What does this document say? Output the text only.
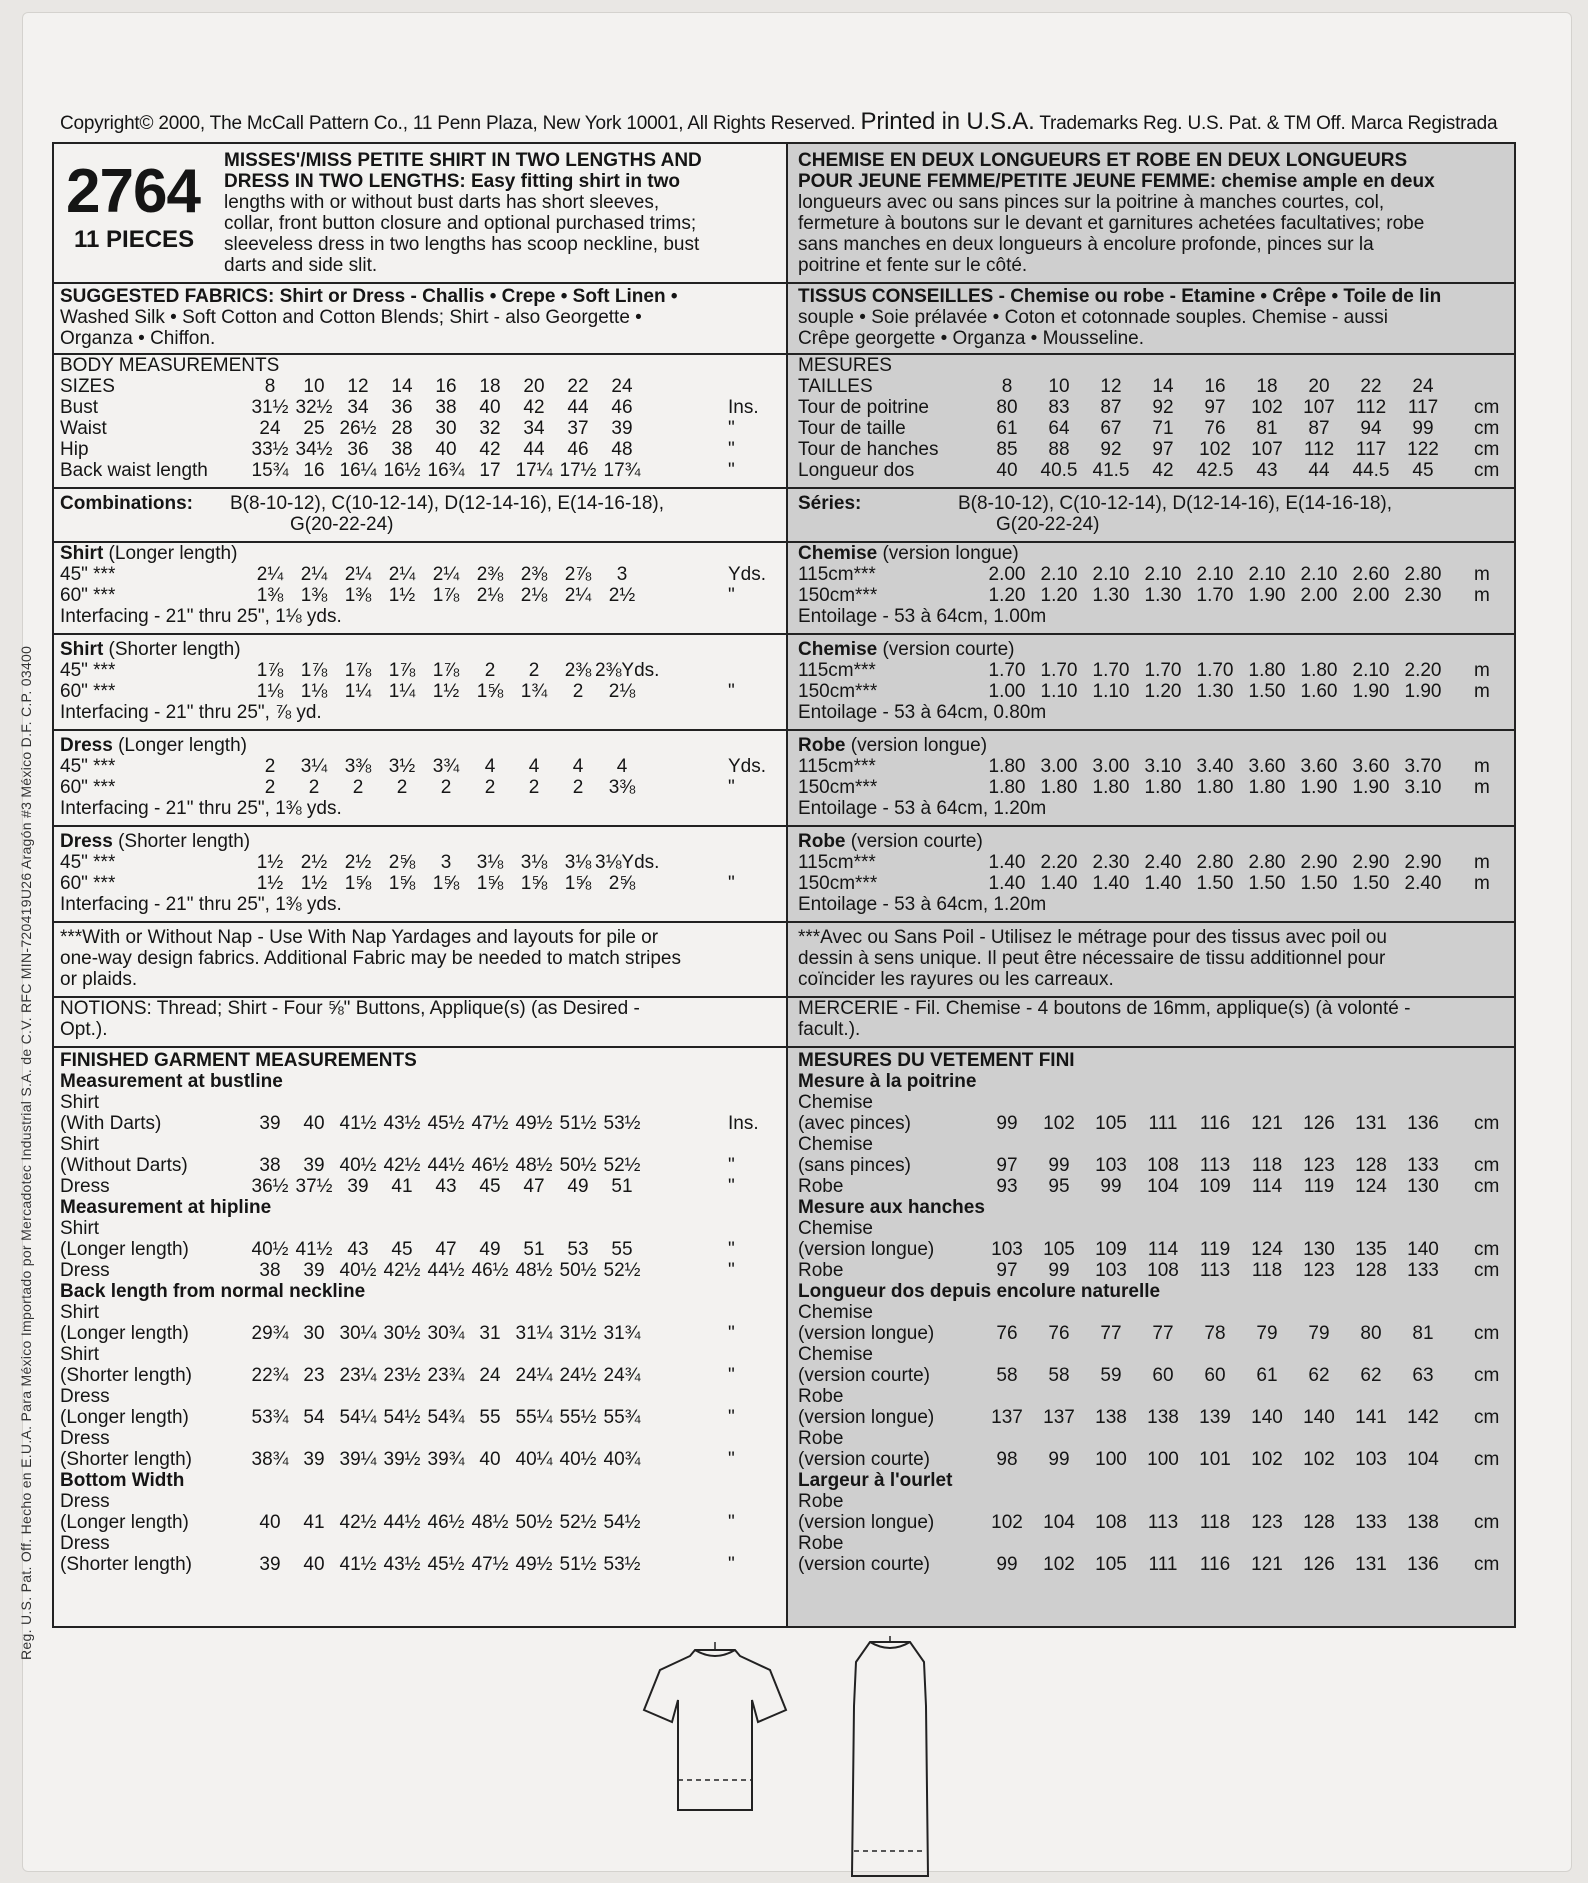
Copyright© 2000, The McCall Pattern Co., 11 Penn Plaza, New York 10001, All Rights Reserved. Printed in U.S.A. Trademarks Reg. U.S. Pat. & TM Off. Marca Registrada
Reg. U.S. Pat. Off. Hecho en E.U.A. Para México Importado por Mercadotec Industrial S.A. de C.V. RFC MIN-720419U26 Aragón #3 México D.F. C.P. 03400
2764
11 PIECES
MISSES'/MISS PETITE SHIRT IN TWO LENGTHS AND
DRESS IN TWO LENGTHS: Easy fitting shirt in two
lengths with or without bust darts has short sleeves,
collar, front button closure and optional purchased trims;
sleeveless dress in two lengths has scoop neckline, bust
darts and side slit.
SUGGESTED FABRICS: Shirt or Dress - Challis • Crepe • Soft Linen •
Washed Silk • Soft Cotton and Cotton Blends; Shirt - also Georgette •
Organza • Chiffon.
BODY MEASUREMENTS
SIZES	8	10	12	14	16	18	20	22	24
Bust	31½ 32½ 34	36	38	40	42	44	46	Ins.
Waist	24	25 26½ 28	30	32	34	37	39	"
Hip	33½ 34½ 36	38	40	42	44	46	48	"
Back waist length	15¾ 16 16¼ 16½ 16¾ 17 17¼ 17½ 17¾	"
Combinations: B(8-10-12), C(10-12-14), D(12-14-16), E(14-16-18),
G(20-22-24)
Shirt (Longer length)
45" ***	2¼ 2¼ 2¼ 2¼ 2¼ 2⅜ 2⅜ 2⅞	3	Yds.
60" ***	1⅜ 1⅜ 1⅜ 1½ 1⅞ 2⅛ 2⅛ 2¼ 2½	"
Interfacing - 21" thru 25", 1⅛ yds.
Shirt (Shorter length)
45" ***	1⅞ 1⅞ 1⅞ 1⅞ 1⅞	2	2	2⅜ 2⅜Yds.
60" ***	1⅛ 1⅛ 1¼ 1¼ 1½ 1⅝ 1¾	2	2⅛	"
Interfacing - 21" thru 25", ⅞ yd.
Dress (Longer length)
45" ***	2	3¼ 3⅜ 3½ 3¾	4	4	4	4	Yds.
60" ***	2	2	2	2	2	2	2	2	3⅜	"
Interfacing - 21" thru 25", 1⅜ yds.
Dress (Shorter length)
45" ***	1½ 2½ 2½ 2⅝	3	3⅛ 3⅛ 3⅛ 3⅛Yds.
60" ***	1½ 1½ 1⅝ 1⅝ 1⅝ 1⅝ 1⅝ 1⅝ 2⅝	"
Interfacing - 21" thru 25", 1⅜ yds.
***With or Without Nap - Use With Nap Yardages and layouts for pile or
one-way design fabrics. Additional Fabric may be needed to match stripes
or plaids.
NOTIONS: Thread; Shirt - Four ⅝" Buttons, Applique(s) (as Desired -
Opt.).
FINISHED GARMENT MEASUREMENTS
Measurement at bustline
Shirt
(With Darts)	39	40 41½ 43½ 45½ 47½ 49½ 51½ 53½	Ins.
Shirt
(Without Darts)	38	39 40½ 42½ 44½ 46½ 48½ 50½ 52½	"
Dress	36½ 37½ 39	41	43	45	47	49	51	"
Measurement at hipline
Shirt
(Longer length)	40½ 41½ 43	45	47	49	51	53	55	"
Dress	38	39 40½ 42½ 44½ 46½ 48½ 50½ 52½	"
Back length from normal neckline
Shirt
(Longer length)	29¾ 30 30¼ 30½ 30¾ 31 31¼ 31½ 31¾	"
Shirt
(Shorter length)	22¾ 23 23¼ 23½ 23¾ 24 24¼ 24½ 24¾	"
Dress
(Longer length)	53¾ 54 54¼ 54½ 54¾ 55 55¼ 55½ 55¾	"
Dress
(Shorter length)	38¾ 39 39¼ 39½ 39¾ 40 40¼ 40½ 40¾	"
Bottom Width
Dress
(Longer length)	40	41 42½ 44½ 46½ 48½ 50½ 52½ 54½	"
Dress
(Shorter length)	39	40 41½ 43½ 45½ 47½ 49½ 51½ 53½	"
CHEMISE EN DEUX LONGUEURS ET ROBE EN DEUX LONGUEURS
POUR JEUNE FEMME/PETITE JEUNE FEMME: chemise ample en deux
longueurs avec ou sans pinces sur la poitrine à manches courtes, col,
fermeture à boutons sur le devant et garnitures achetées facultatives; robe
sans manches en deux longueurs à encolure profonde, pinces sur la
poitrine et fente sur le côté.
TISSUS CONSEILLES - Chemise ou robe - Etamine • Crêpe • Toile de lin
souple • Soie prélavée • Coton et cotonnade souples. Chemise - aussi
Crêpe georgette • Organza • Mousseline.
MESURES
TAILLES	8	10	12	14	16	18	20	22	24
Tour de poitrine	80	83	87	92	97	102	107	112	117	cm
Tour de taille	61	64	67	71	76	81	87	94	99	cm
Tour de hanches	85	88	92	97	102	107	112	117	122	cm
Longueur dos	40	40.5 41.5	42	42.5	43	44	44.5	45	cm
Séries:	B(8-10-12), C(10-12-14), D(12-14-16), E(14-16-18),
G(20-22-24)
Chemise (version longue)
115cm***	2.00 2.10 2.10 2.10 2.10 2.10 2.10 2.60 2.80	m
150cm***	1.20 1.20 1.30 1.30 1.70 1.90 2.00 2.00 2.30	m
Entoilage - 53 à 64cm, 1.00m
Chemise (version courte)
115cm***	1.70 1.70 1.70 1.70 1.70 1.80 1.80 2.10 2.20	m
150cm***	1.00 1.10 1.10 1.20 1.30 1.50 1.60 1.90 1.90	m
Entoilage - 53 à 64cm, 0.80m
Robe (version longue)
115cm***	1.80 3.00 3.00 3.10 3.40 3.60 3.60 3.60 3.70	m
150cm***	1.80 1.80 1.80 1.80 1.80 1.80 1.90 1.90 3.10	m
Entoilage - 53 à 64cm, 1.20m
Robe (version courte)
115cm***	1.40 2.20 2.30 2.40 2.80 2.80 2.90 2.90 2.90	m
150cm***	1.40 1.40 1.40 1.40 1.50 1.50 1.50 1.50 2.40	m
Entoilage - 53 à 64cm, 1.20m
***Avec ou Sans Poil - Utilisez le métrage pour des tissus avec poil ou
dessin à sens unique. Il peut être nécessaire de tissu additionnel pour
coïncider les rayures ou les carreaux.
MERCERIE - Fil. Chemise - 4 boutons de 16mm, applique(s) (à volonté -
facult.).
MESURES DU VETEMENT FINI
Mesure à la poitrine
Chemise
(avec pinces)	99	102	105	111	116	121	126	131	136	cm
Chemise
(sans pinces)	97	99	103	108	113	118	123	128	133	cm
Robe	93	95	99	104	109	114	119	124	130	cm
Mesure aux hanches
Chemise
(version longue)	103	105	109	114	119	124	130	135	140	cm
Robe	97	99	103	108	113	118	123	128	133	cm
Longueur dos depuis encolure naturelle
Chemise
(version longue)	76	76	77	77	78	79	79	80	81	cm
Chemise
(version courte)	58	58	59	60	60	61	62	62	63	cm
Robe
(version longue)	137	137	138	138	139	140	140	141	142	cm
Robe
(version courte)	98	99	100	100	101	102	102	103	104	cm
Largeur à l'ourlet
Robe
(version longue)	102	104	108	113	118	123	128	133	138	cm
Robe
(version courte)	99	102	105	111	116	121	126	131	136	cm
